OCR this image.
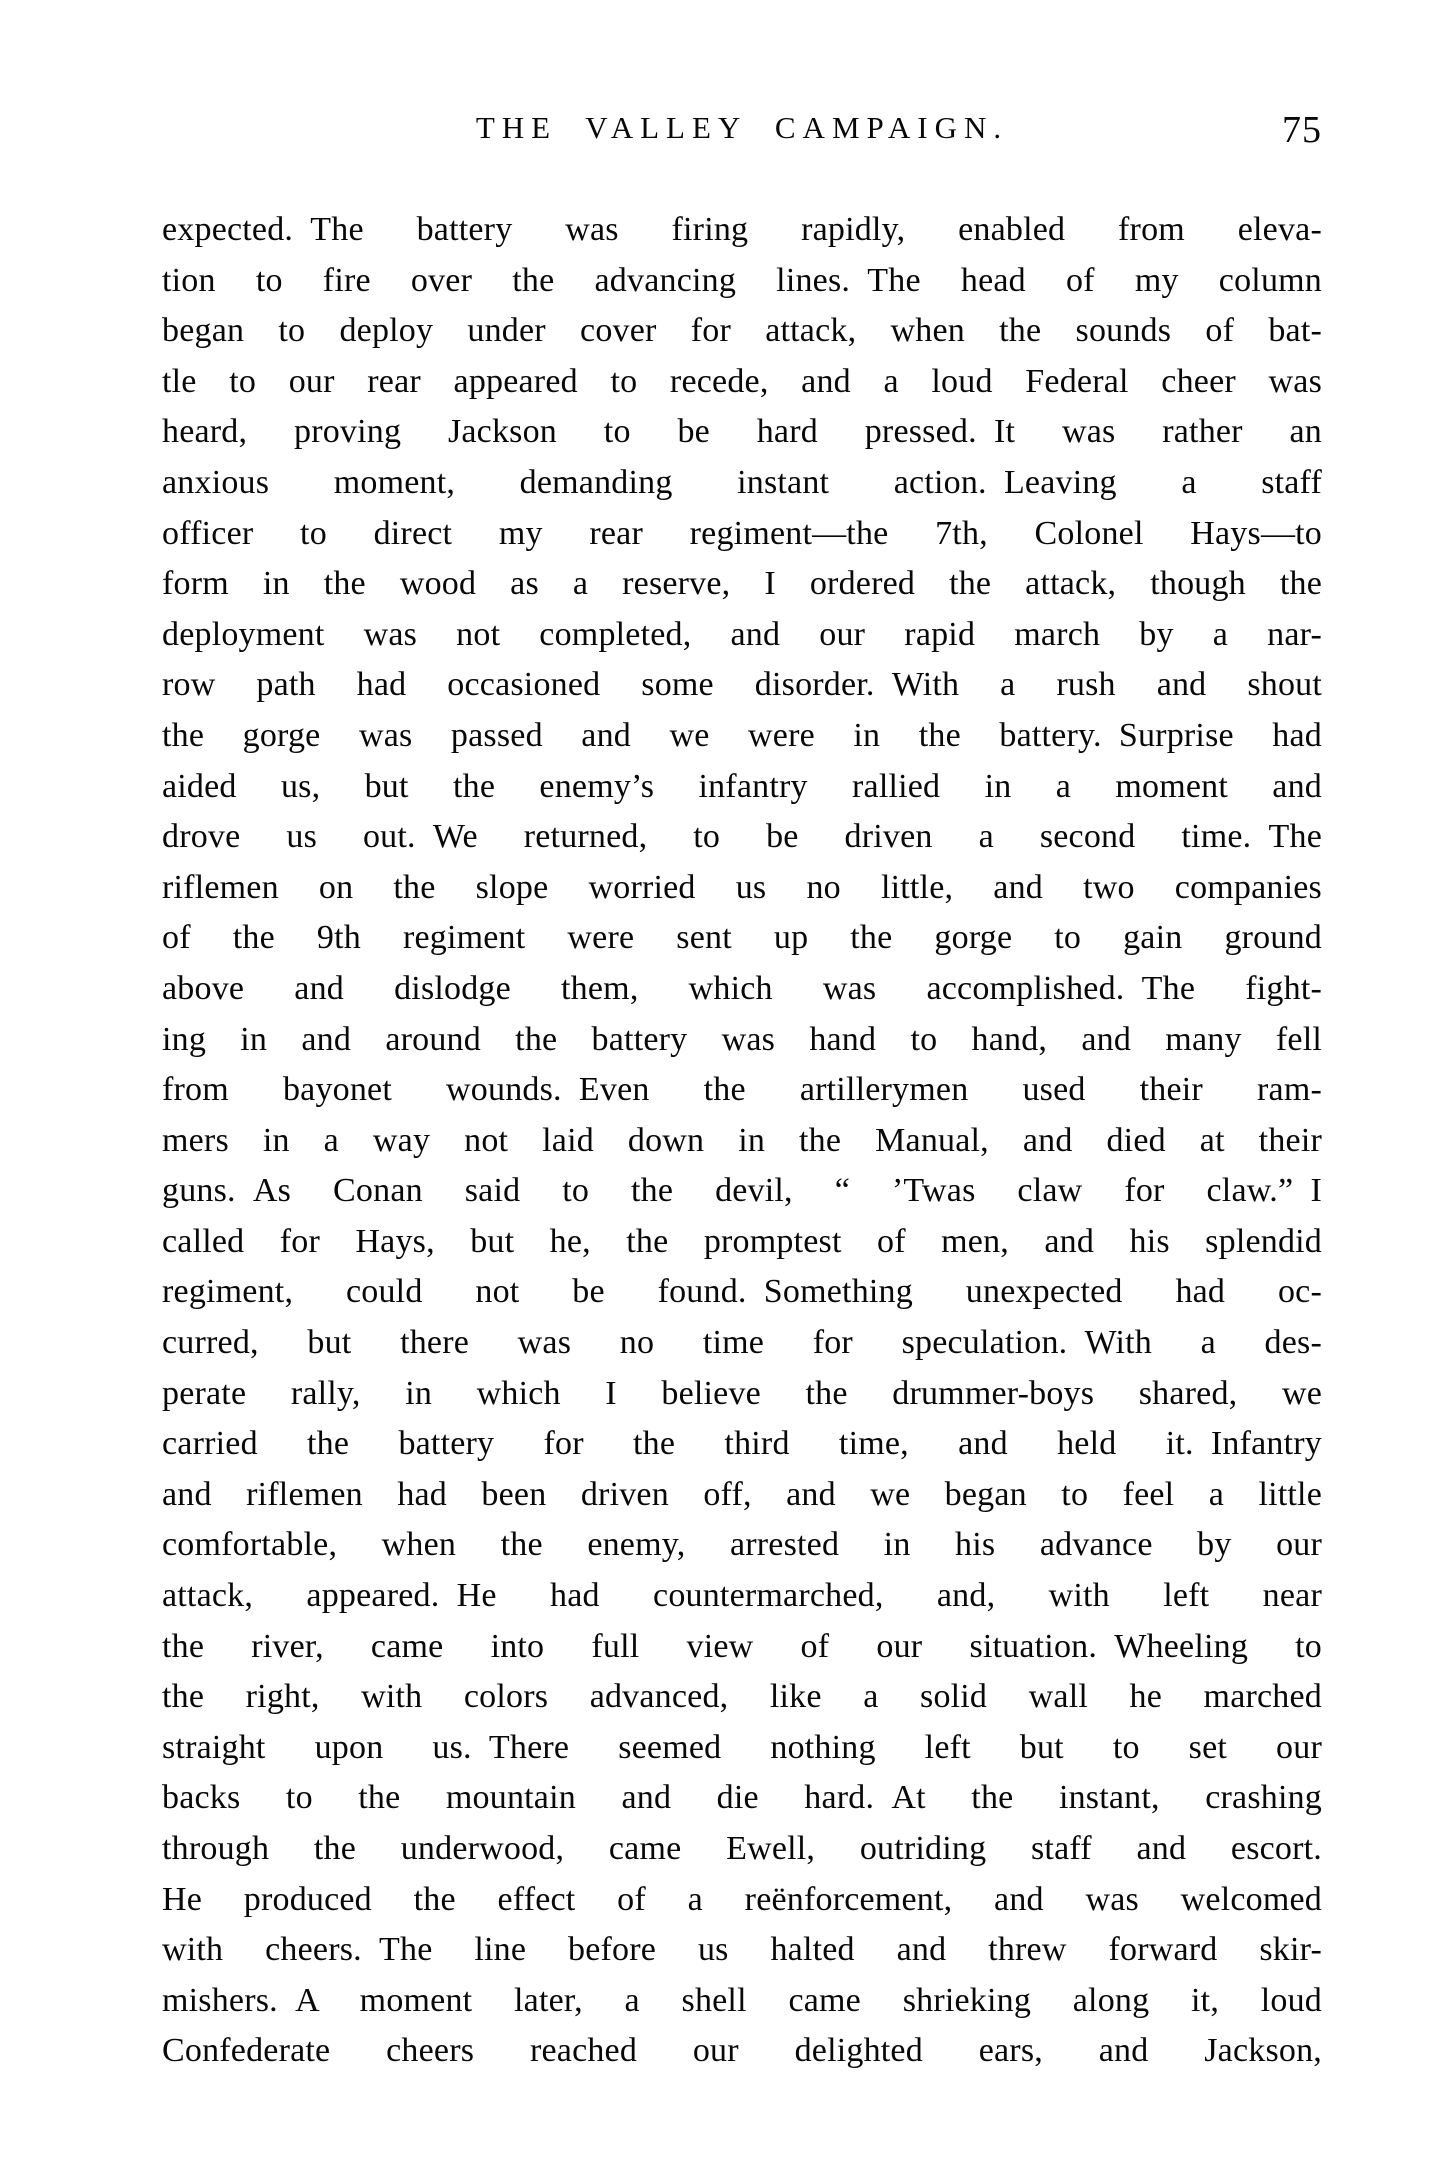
THE VALLEY CAMPAIGN.	75
expected. The battery was firing rapidly, enabled from eleva-
tion to fire over the advancing lines. The head of my column
began to deploy under cover for attack, when the sounds of bat-
tle to our rear appeared to recede, and a loud Federal cheer was
heard, proving Jackson to be hard pressed. It was rather an
anxious moment, demanding instant action. Leaving a staff
officer to direct my rear regiment—the 7th, Colonel Hays—to
form in the wood as a reserve, I ordered the attack, though the
deployment was not completed, and our rapid march by a nar-
row path had occasioned some disorder. With a rush and shout
the gorge was passed and we were in the battery. Surprise had
aided us, but the enemy’s infantry rallied in a moment and
drove us out. We returned, to be driven a second time. The
riflemen on the slope worried us no little, and two companies
of the 9th regiment were sent up the gorge to gain ground
above and dislodge them, which was accomplished. The fight-
ing in and around the battery was hand to hand, and many fell
from bayonet wounds. Even the artillerymen used their ram-
mers in a way not laid down in the Manual, and died at their
guns. As Conan said to the devil, “ ’Twas claw for claw.” I
called for Hays, but he, the promptest of men, and his splendid
regiment, could not be found. Something unexpected had oc-
curred, but there was no time for speculation. With a des-
perate rally, in which I believe the drummer-boys shared, we
carried the battery for the third time, and held it. Infantry
and riflemen had been driven off, and we began to feel a little
comfortable, when the enemy, arrested in his advance by our
attack, appeared. He had countermarched, and, with left near
the river, came into full view of our situation. Wheeling to
the right, with colors advanced, like a solid wall he marched
straight upon us. There seemed nothing left but to set our
backs to the mountain and die hard. At the instant, crashing
through the underwood, came Ewell, outriding staff and escort.
He produced the effect of a reënforcement, and was welcomed
with cheers. The line before us halted and threw forward skir-
mishers. A moment later, a shell came shrieking along it, loud
Confederate cheers reached our delighted ears, and Jackson,
